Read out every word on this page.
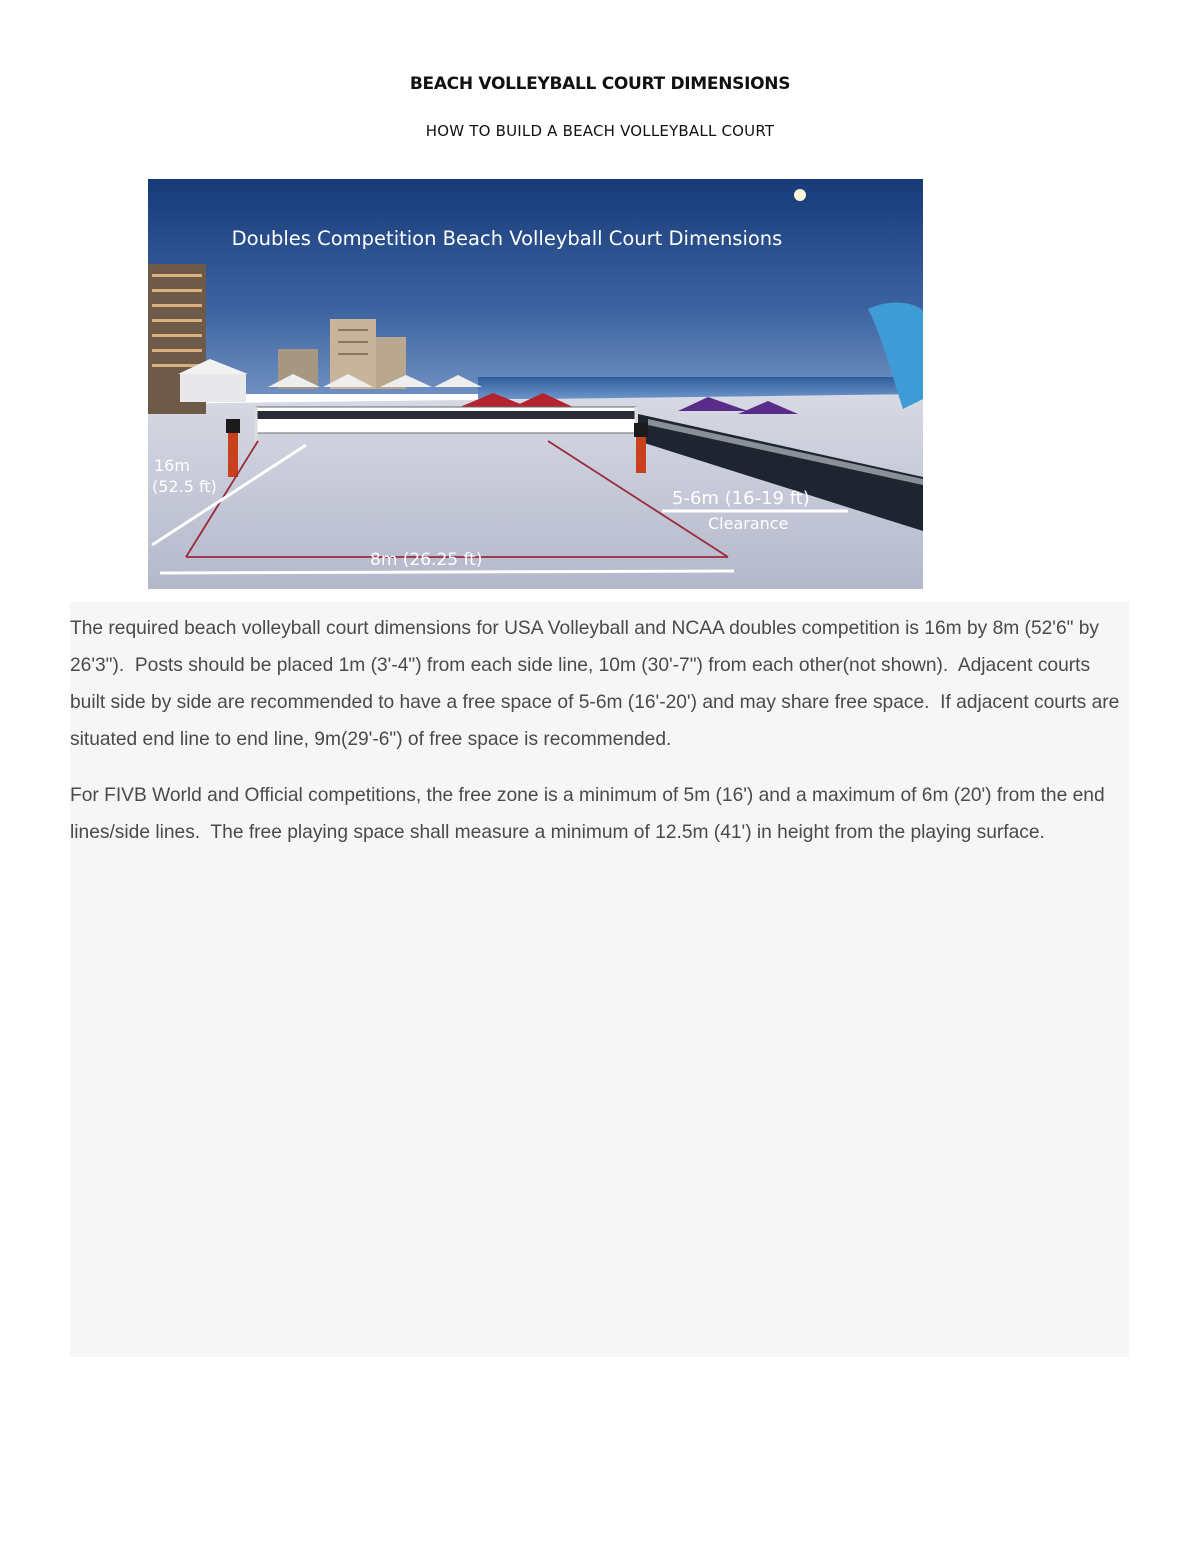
BEACH VOLLEYBALL COURT DIMENSIONS
HOW TO BUILD A BEACH VOLLEYBALL COURT
Doubles Competition Beach Volleyball Court Dimensions
16m
(52.5 ft)
8m (26.25 ft)
5-6m (16-19 ft)
Clearance

The required beach volleyball court dimensions for USA Volleyball and NCAA doubles competition is 16m by 8m (52'6" by 26'3").  Posts should be placed 1m (3'-4") from each side line, 10m (30'-7") from each other(not shown).  Adjacent courts built side by side are recommended to have a free space of 5-6m (16'-20') and may share free space.  If adjacent courts are situated end line to end line, 9m(29'-6") of free space is recommended.

For FIVB World and Official competitions, the free zone is a minimum of 5m (16') and a maximum of 6m (20') from the end lines/side lines.  The free playing space shall measure a minimum of 12.5m (41') in height from the playing surface.
